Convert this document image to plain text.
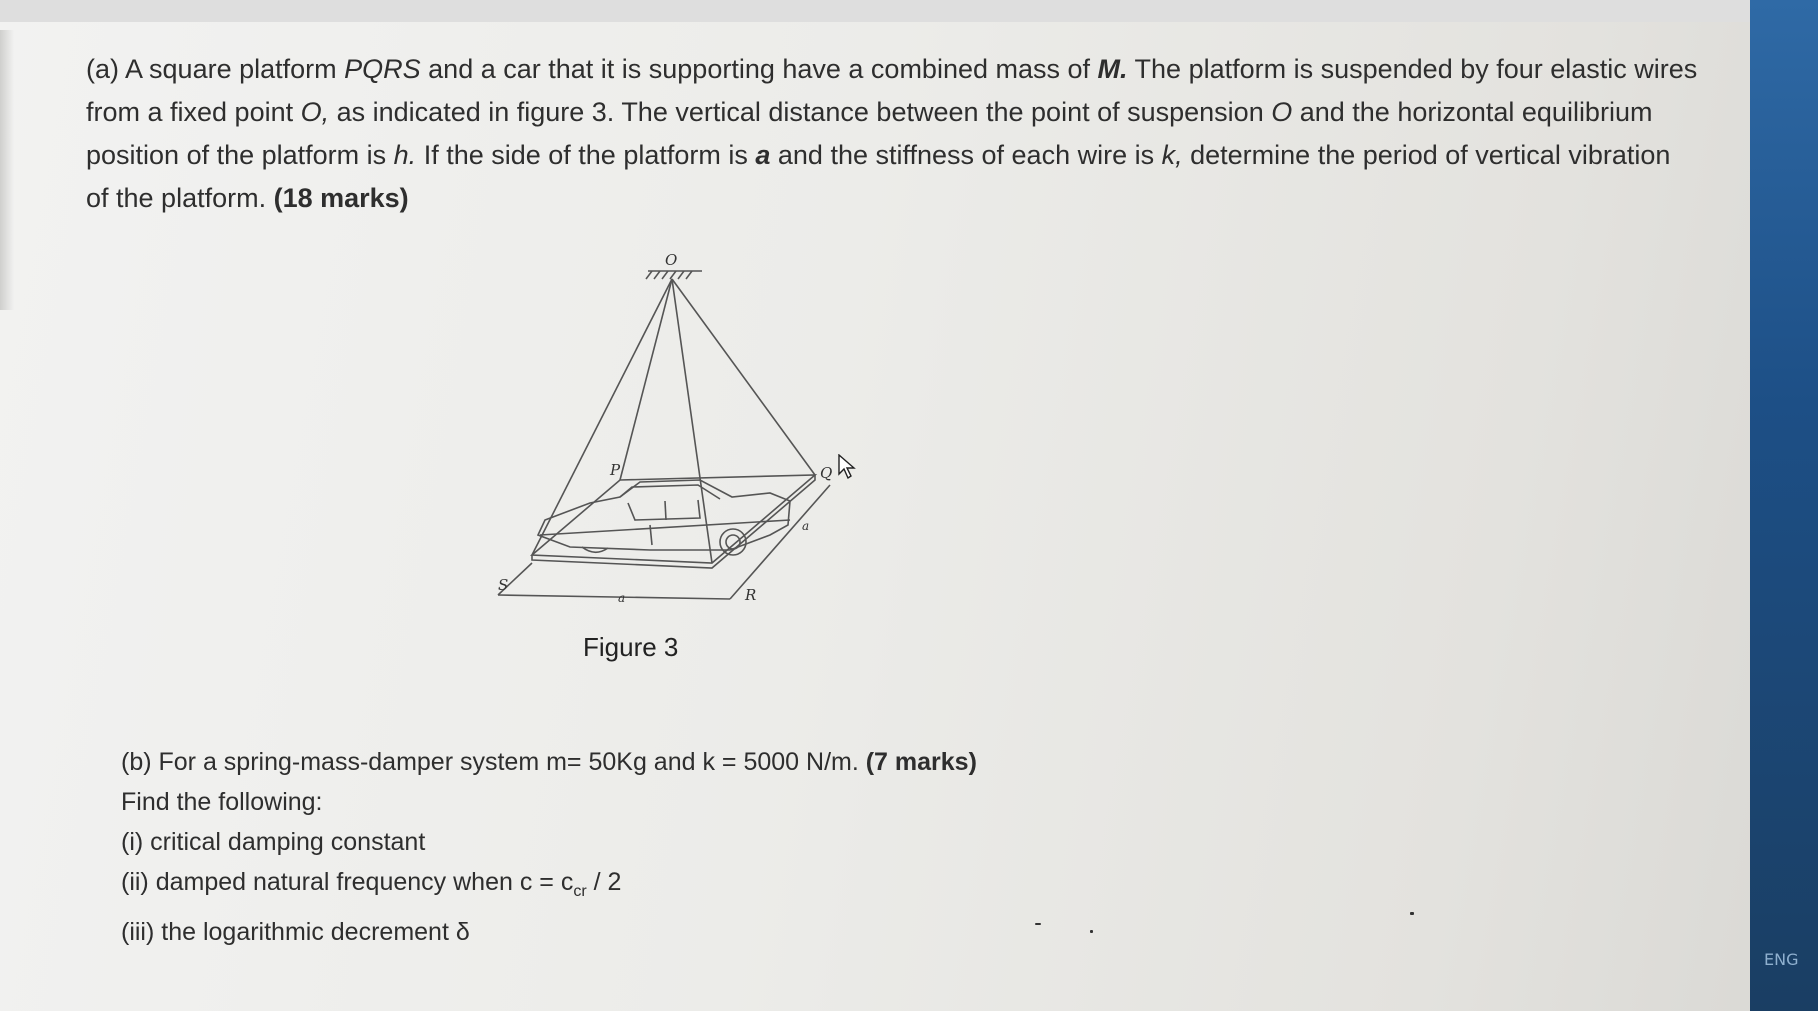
(a) A square platform PQRS and a car that it is supporting have a combined mass of M. The platform is suspended by four elastic wires

from a fixed point O, as indicated in figure 3. The vertical distance between the point of suspension O and the horizontal equilibrium

position of the platform is h. If the side of the platform is a and the stiffness of each wire is k, determine the period of vertical vibration

of the platform. (18 marks)

O
P	Q
R
S
a
a
Figure 3

(b) For a spring-mass-damper system m= 50Kg and k = 5000 N/m. (7 marks)

Find the following:

(i) critical damping constant

(ii) damped natural frequency when $c = c_{cr} / 2$

(iii) the logarithmic decrement δ

ENG
